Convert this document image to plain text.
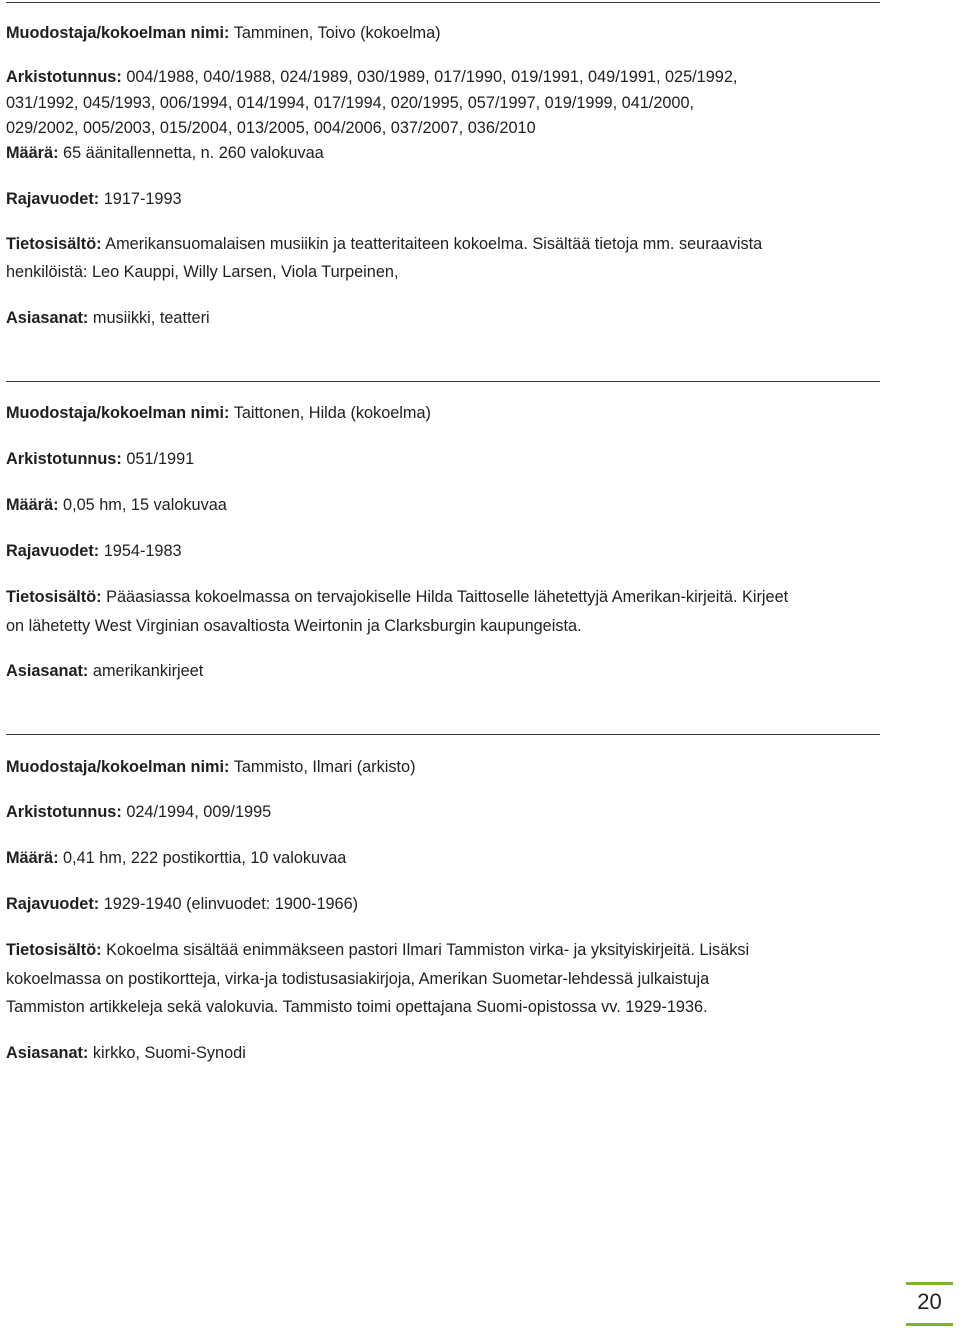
Muodostaja/kokoelman nimi: Tamminen, Toivo (kokoelma)
Arkistotunnus: 004/1988, 040/1988, 024/1989, 030/1989, 017/1990, 019/1991, 049/1991, 025/1992,
031/1992, 045/1993, 006/1994, 014/1994, 017/1994, 020/1995, 057/1997, 019/1999, 041/2000,
029/2002, 005/2003, 015/2004, 013/2005, 004/2006, 037/2007, 036/2010
Määrä: 65 äänitallennetta, n. 260 valokuvaa
Rajavuodet: 1917-1993
Tietosisältö: Amerikansuomalaisen musiikin ja teatteritaiteen kokoelma. Sisältää tietoja mm. seuraavista
henkilöistä: Leo Kauppi, Willy Larsen, Viola Turpeinen,
Asiasanat: musiikki, teatteri
Muodostaja/kokoelman nimi: Taittonen, Hilda (kokoelma)
Arkistotunnus: 051/1991
Määrä: 0,05 hm, 15 valokuvaa
Rajavuodet: 1954-1983
Tietosisältö: Pääasiassa kokoelmassa on tervajokiselle Hilda Taittoselle lähetettyjä Amerikan-kirjeitä. Kirjeet
on lähetetty West Virginian osavaltiosta Weirtonin ja Clarksburgin kaupungeista.
Asiasanat: amerikankirjeet
Muodostaja/kokoelman nimi: Tammisto, Ilmari (arkisto)
Arkistotunnus: 024/1994, 009/1995
Määrä: 0,41 hm, 222 postikorttia, 10 valokuvaa
Rajavuodet: 1929-1940 (elinvuodet: 1900-1966)
Tietosisältö: Kokoelma sisältää enimmäkseen pastori Ilmari Tammiston virka- ja yksityiskirjeitä. Lisäksi
kokoelmassa on postikortteja, virka-ja todistusasiakirjoja, Amerikan Suometar-lehdessä julkaistuja
Tammiston artikkeleja sekä valokuvia. Tammisto toimi opettajana Suomi-opistossa vv. 1929-1936.
Asiasanat: kirkko, Suomi-Synodi
20
